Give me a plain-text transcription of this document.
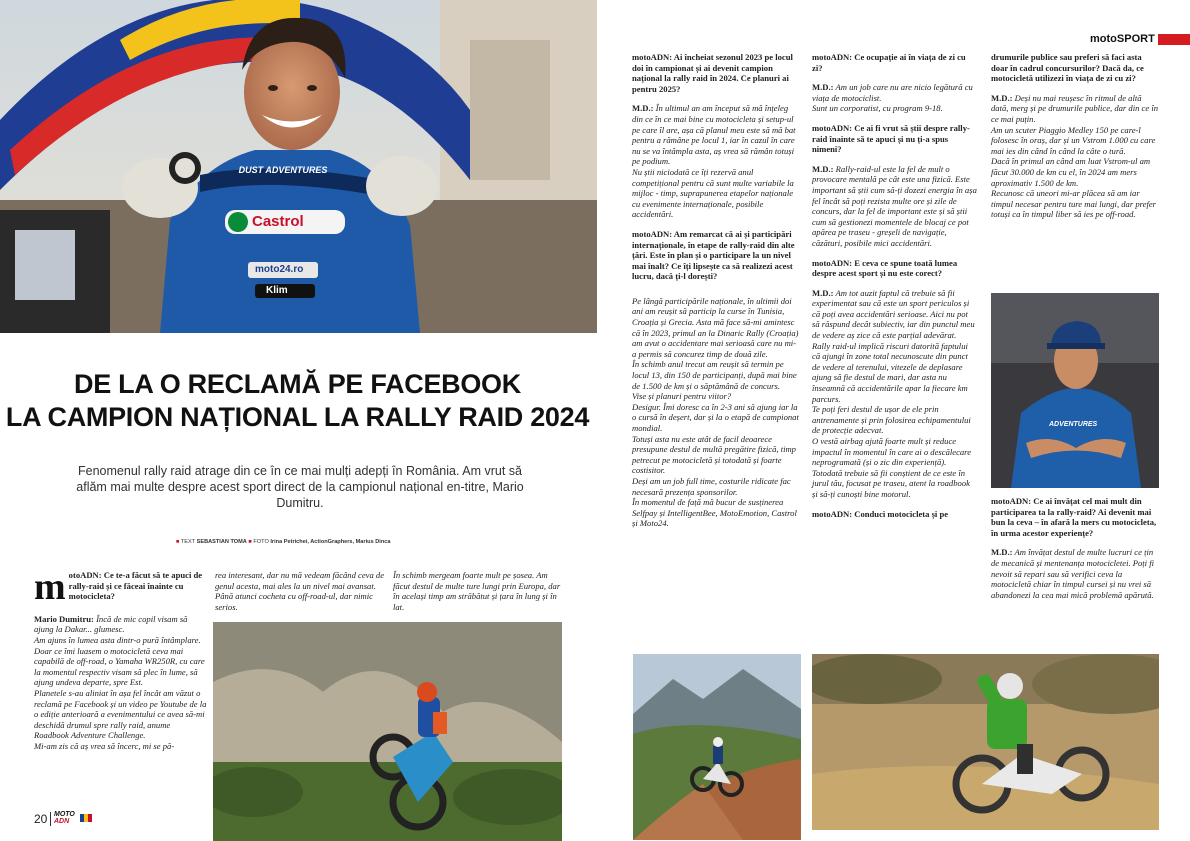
DUST ADVENTURES
Castrol
moto24.ro
Klim
DE LA O RECLAMĂ PE FACEBOOK
LA CAMPION NAȚIONAL LA RALLY RAID 2024
Fenomenul rally raid atrage din ce în ce mai mulți adepți în România. Am vrut să aflăm mai multe despre acest sport direct de la campionul național en-titre, Mario Dumitru.
■ TEXT SEBASTIAN TOMA ■ FOTO Irina Petrichei, ActionGraphers, Marius Dinca
motoADN: Ce te-a făcut să te apuci de rally-raid și ce făceai înainte cu motocicleta?
Mario Dumitru: Încă de mic copil visam să ajung la Dakar... glumesc.
Am ajuns în lumea asta dintr-o pură întâmplare. Doar ce îmi luasem o motocicletă ceva mai capabilă de off-road, o Yamaha WR250R, cu care la momentul respectiv visam să plec în lume, să ajung undeva departe, spre Est.
Planetele s-au aliniat în așa fel încât am văzut o reclamă pe Facebook și un video pe Youtube de la o ediție anterioară a evenimentului ce avea să-mi deschidă drumul spre rally raid, anume Roadbook Adventure Challenge.
Mi-am zis că aș vrea să încerc, mi se pă-
rea interesant, dar nu mă vedeam făcând ceva de genul acesta, mai ales la un nivel mai avansat. Până atunci cocheta cu off-road-ul, dar nimic serios.
În schimb mergeam foarte mult pe șosea. Am făcut destul de multe ture lungi prin Europa, dar în același timp am străbătut și țara în lung și în lat.
20 MOTO
ADN
motoSPORT
motoADN: Ai încheiat sezonul 2023 pe locul doi în campionat și ai devenit campion național la rally raid în 2024. Ce planuri ai pentru 2025?
M.D.: În ultimul an am început să mă înțeleg din ce în ce mai bine cu motocicleta și setup-ul pe care îl are, așa că planul meu este să mă bat pentru a rămâne pe locul 1, iar în cazul în care nu se va întâmpla asta, aș vrea să rămân totuși pe podium.
Nu știi niciodată ce îți rezervă anul competițional pentru că sunt multe variabile la mijloc - timp, suprapunerea etapelor naționale cu evenimente internaționale, posibile accidentări.
motoADN: Am remarcat că ai și participări internaționale, în etape de rally-raid din alte țări. Este în plan și o participare la un nivel mai înalt? Ce îți lipsește ca să realizezi acest lucru, dacă ți-l dorești?
Pe lângă participările naționale, în ultimii doi ani am reușit să particip la curse în Tunisia, Croația și Grecia. Asta mă face să-mi amintesc că în 2023, primul an la Dinaric Rally (Croația) am avut o accidentare mai serioasă care nu mi-a permis să concurez timp de două zile.
În schimb anul trecut am reușit să termin pe locul 13, din 150 de participanți, după mai bine de 1.500 de km și o săptămână de concurs.
Vise și planuri pentru viitor?
Desigur. Îmi doresc ca în 2-3 ani să ajung iar la o cursă în deșert, dar și la o etapă de campionat mondial.
Totuși asta nu este atât de facil deoarece presupune destul de multă pregătire fizică, timp petrecut pe motocicletă și totodată și foarte costisitor.
Deși am un job full time, costurile ridicate fac necesară prezența sponsorilor.
În momentul de față mă bucur de susținerea Selfpay și IntelligentBee, MotoEmotion, Castrol și Moto24.
motoADN: Ce ocupație ai în viața de zi cu zi?
M.D.: Am un job care nu are nicio legătură cu viața de motociclist.
Sunt un corporatist, cu program 9-18.
motoADN: Ce ai fi vrut să știi despre rally-raid înainte să te apuci și nu ți-a spus nimeni?
M.D.: Rally-raid-ul este la fel de mult o provocare mentală pe cât este una fizică. Este important să știi cum să-ți dozezi energia în așa fel încât să poți rezista multe ore și zile de concurs, dar la fel de important este și să știi cum să gestionezi momentele de blocaj ce pot apărea pe traseu - greșeli de navigație, căzături, posibile mici accidentări.
motoADN: E ceva ce spune toată lumea despre acest sport și nu este corect?
M.D.: Am tot auzit faptul că trebuie să fii experimentat sau că este un sport periculos și că poți avea accidentări serioase. Aici nu pot să răspund decât subiectiv, iar din punctul meu de vedere aș zice că este parțial adevărat.
Rally raid-ul implică riscuri datorită faptului că ajungi în zone total necunoscute din punct de vedere al terenului, vitezele de deplasare ajung să fie destul de mari, dar asta nu înseamnă că accidentările apar la fiecare km parcurs.
Te poți feri destul de ușor de ele prin antrenamente și prin folosirea echipamentului de protecție adecvat.
O vestă airbag ajută foarte mult și reduce impactul în momentul în care ai o descălecare neprogramată (și o zic din experiență).
Totodată trebuie să fii conștient de ce este în jurul tău, focusat pe traseu, atent la roadbook și să-ți cunoști bine motorul.
motoADN: Conduci motocicleta și pe
drumurile publice sau preferi să faci asta doar în cadrul concursurilor? Dacă da, ce motocicletă utilizezi în viața de zi cu zi?
M.D.: Deși nu mai reușesc în ritmul de altă dată, merg și pe drumurile publice, dar din ce în ce mai puțin.
Am un scuter Piaggio Medley 150 pe care-l folosesc în oraș, dar și un Vstrom 1.000 cu care mai ies din când în când la câte o tură.
Dacă în primul an când am luat Vstrom-ul am făcut 30.000 de km cu el, în 2024 am mers aproximativ 1.500 de km.
Recunosc că uneori mi-ar plăcea să am iar timpul necesar pentru ture mai lungi, dar prefer totuși ca în timpul liber să ies pe off-road.
ADVENTURES
motoADN: Ce ai învățat cel mai mult din participarea ta la rally-raid? Ai devenit mai bun la ceva – în afară la mers cu motocicleta, în urma acestor experiențe?
M.D.: Am învățat destul de multe lucruri ce țin de mecanică și mentenanța motocicletei. Poți fi nevoit să repari sau să verifici ceva la motocicletă chiar în timpul cursei și nu vrei să abandonezi la cea mai mică problemă apărută.
